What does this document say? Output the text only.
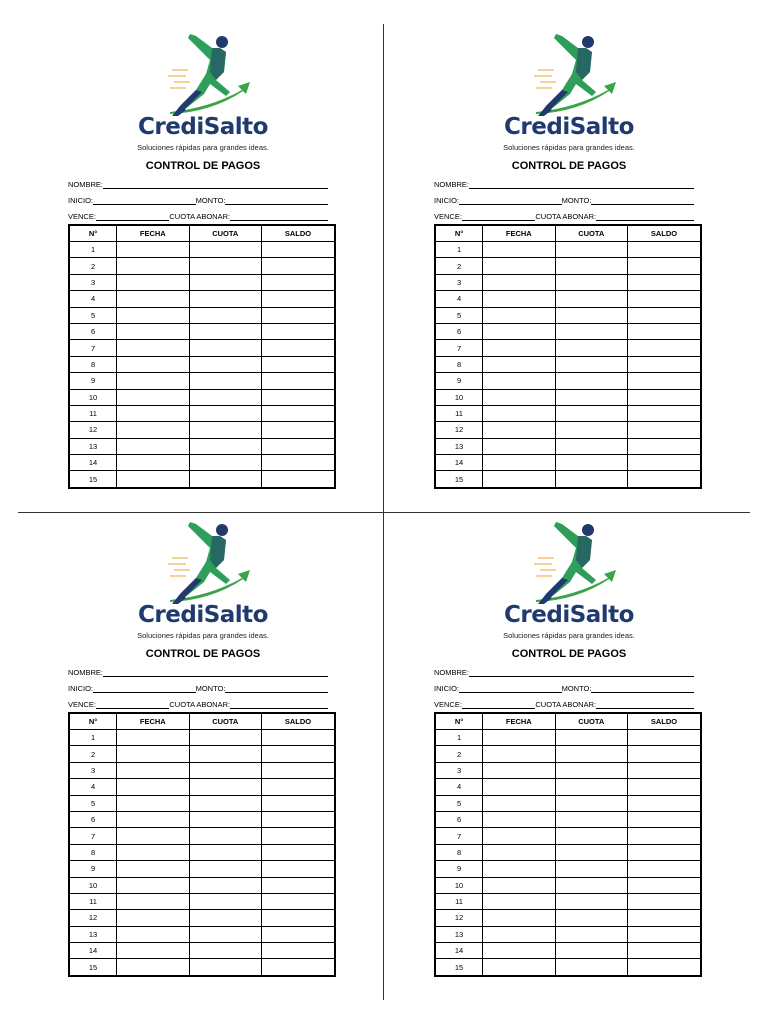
CrediSalto
Soluciones rápidas para grandes ideas.
CONTROL DE PAGOS
NOMBRE:
INICIO:	MONTO:
VENCE:	CUOTA ABONAR:
N°	FECHA	CUOTA	SALDO
1			
2			
3			
4			
5			
6			
7			
8			
9			
10			
11			
12			
13			
14			
15			
CrediSalto
Soluciones rápidas para grandes ideas.
CONTROL DE PAGOS
NOMBRE:
INICIO:	MONTO:
VENCE:	CUOTA ABONAR:
N°	FECHA	CUOTA	SALDO
1			
2			
3			
4			
5			
6			
7			
8			
9			
10			
11			
12			
13			
14			
15			
CrediSalto
Soluciones rápidas para grandes ideas.
CONTROL DE PAGOS
NOMBRE:
INICIO:	MONTO:
VENCE:	CUOTA ABONAR:
N°	FECHA	CUOTA	SALDO
1			
2			
3			
4			
5			
6			
7			
8			
9			
10			
11			
12			
13			
14			
15			
CrediSalto
Soluciones rápidas para grandes ideas.
CONTROL DE PAGOS
NOMBRE:
INICIO:	MONTO:
VENCE:	CUOTA ABONAR:
N°	FECHA	CUOTA	SALDO
1			
2			
3			
4			
5			
6			
7			
8			
9			
10			
11			
12			
13			
14			
15			
